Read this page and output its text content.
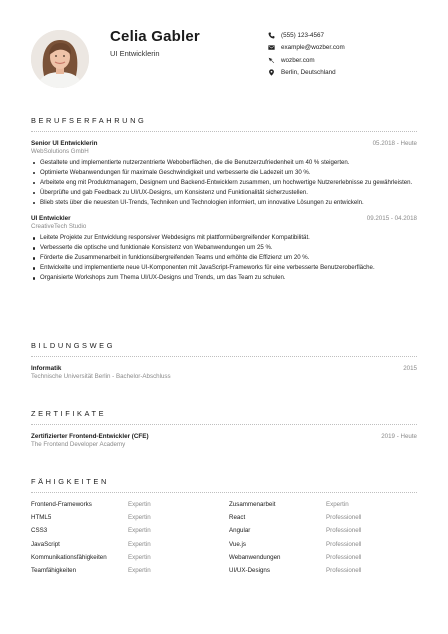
Celia Gabler
UI Entwicklerin
(555) 123-4567
example@wozber.com
wozber.com
Berlin, Deutschland
BERUFSERFAHRUNG
Senior UI Entwicklerin	05.2018 - Heute
WebSolutions GmbH
Gestaltete und implementierte nutzerzentrierte Weboberflächen, die die Benutzerzufriedenheit um 40 % steigerten.
Optimierte Webanwendungen für maximale Geschwindigkeit und verbesserte die Ladezeit um 30 %.
Arbeitete eng mit Produktmanagern, Designern und Backend-Entwicklern zusammen, um hochwertige Nutzererlebnisse zu gewährleisten.
Überprüfte und gab Feedback zu UI/UX-Designs, um Konsistenz und Funktionalität sicherzustellen.
Blieb stets über die neuesten UI-Trends, Techniken und Technologien informiert, um innovative Lösungen zu entwickeln.
UI Entwickler	09.2015 - 04.2018
CreativeTech Studio
Leitete Projekte zur Entwicklung responsiver Webdesigns mit plattformübergreifender Kompatibilität.
Verbesserte die optische und funktionale Konsistenz von Webanwendungen um 25 %.
Förderte die Zusammenarbeit in funktionsübergreifenden Teams und erhöhte die Effizienz um 20 %.
Entwickelte und implementierte neue UI-Komponenten mit JavaScript-Frameworks für eine verbesserte Benutzeroberfläche.
Organisierte Workshops zum Thema UI/UX-Designs und Trends, um das Team zu schulen.
BILDUNGSWEG
Informatik	2015
Technische Universität Berlin - Bachelor-Abschluss
ZERTIFIKATE
Zertifizierter Frontend-Entwickler (CFE)	2019 - Heute
The Frontend Developer Academy
FÄHIGKEITEN
Frontend-Frameworks	Expertin	Zusammenarbeit	Expertin
HTML5	Expertin	React	Professionell
CSS3	Expertin	Angular	Professionell
JavaScript	Expertin	Vue.js	Professionell
Kommunikationsfähigkeiten	Expertin	Webanwendungen	Professionell
Teamfähigkeiten	Expertin	UI/UX-Designs	Professionell
